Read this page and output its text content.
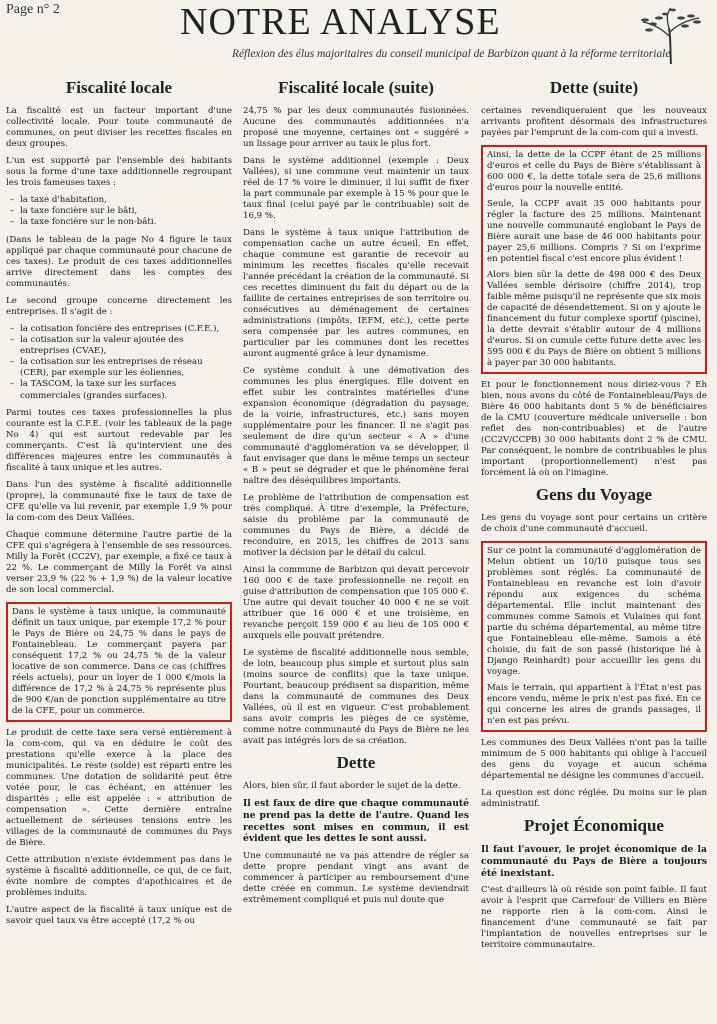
Page n° 2	NOTRE ANALYSE
Réflexion des élus majoritaires du conseil municipal de Barbizon quant à la réforme territoriale
Fiscalité locale

La fiscalité est un facteur important d'une collectivité locale. Pour toute communauté de communes, on peut diviser les recettes fiscales en deux groupes.

L'un est supporté par l'ensemble des habitants sous la forme d'une taxe additionnelle regroupant les trois fameuses taxes :

– la taxe d'habitation,
– la taxe foncière sur le bâti,
– la taxe foncière sur le non-bâti.

(Dans le tableau de la page No 4 figure le taux appliqué par chaque communauté pour chacune de ces taxes). Le produit de ces taxes additionnelles arrive directement dans les comptes des communautés.

Le second groupe concerne directement les entreprises. Il s'agit de :

– la cotisation foncière des entreprises (C.F.E.),
– la cotisation sur la valeur ajoutée des entreprises (CVAE),
– la cotisation sur les entreprises de réseau (CER), par exemple sur les éoliennes,
– la TASCOM, la taxe sur les surfaces commerciales (grandes surfaces).

Parmi toutes ces taxes professionnelles la plus courante est la C.F.E. (voir les tableaux de la page No 4) qui est surtout redevable par les commerçants. C'est là qu'intervient une des différences majeures entre les communautés à fiscalité à taux unique et les autres.

Dans l'un des système à fiscalité additionnelle (propre), la communauté fixe le taux de taxe de CFE qu'elle va lui revenir, par exemple 1,9 % pour la com-com des Deux Vallées.

Chaque commune détermine l'autre partie de la CFE qui s'agrégera à l'ensemble de ses ressources. Milly la Forêt (CC2V), par exemple, a fixé ce taux à 22 %. Le commerçant de Milly la Forêt va ainsi verser 23,9 % (22 % + 1,9 %) de la valeur locative de son local commercial.

Dans le système à taux unique, la communauté définit un taux unique, par exemple 17,2 % pour le Pays de Bière ou 24,75 % dans le pays de Fontainebleau. Le commerçant payera par conséquent 17,2 % ou 24,75 % de la valeur locative de son commerce. Dans ce cas (chiffres réels actuels), pour un loyer de 1 000 €/mois la différence de 17,2 % à 24,75 % représente plus de 900 €/an de ponction supplémentaire au titre de la CFE, pour un commerce.

Le produit de cette taxe sera versé entièrement à la com-com, qui va en déduire le coût des prestations qu'elle exerce à la place des municipalités. Le reste (solde) est réparti entre les communes. Une dotation de solidarité peut être votée pour, le cas échéant, en atténuer les disparités ; elle est appelée : « attribution de compensation ». Cette dernière entraîne actuellement de sérieuses tensions entre les villages de la communauté de communes du Pays de Bière.

Cette attribution n'existe évidemment pas dans le système à fiscalité additionnelle, ce qui, de ce fait, évite nombre de comptes d'apothicaires et de problèmes induits.

L'autre aspect de la fiscalité à taux unique est de savoir quel taux va être accepté (17,2 % ou

Fiscalité locale (suite)

24,75 % par les deux communautés fusionnées. Aucune des communautés additionnées n'a proposé une moyenne, certaines ont « suggéré » un lissage pour arriver au taux le plus fort.

Dans le système additionnel (exemple : Deux Vallées), si une commune veut maintenir un taux réel de 17 % voire le diminuer, il lui suffit de fixer la part communale par exemple à 15 % pour que le taux final (celui payé par le contribuable) soit de 16,9 %.

Dans le système à taux unique l'attribution de compensation cache un autre écueil. En effet, chaque commune est garantie de recevoir au minimum les recettes fiscales qu'elle recevait l'année précédant la création de la communauté. Si ces recettes diminuent du fait du départ ou de la faillite de certaines entreprises de son territoire ou consécutives au déménagement de certaines administrations (impôts, IEFM, etc.), cette perte sera compensée par les autres communes, en particulier par les communes dont les recettes auront augmenté grâce à leur dynamisme.

Ce système conduit à une démotivation des communes les plus énergiques. Elle doivent en effet subir les contraintes matérielles d'une expansion économique (dégradation du paysage, de la voirie, infrastructures, etc.) sans moyen supplémentaire pour les financer. Il ne s'agit pas seulement de dire qu'un secteur « A » d'une communauté d'agglomération va se développer, il faut envisager que dans le même temps un secteur « B » peut se dégrader et que le phénomène ferai naître des déséquilibres importants.

Le problème de l'attribution de compensation est très compliqué. À titre d'exemple, la Préfecture, saisie du problème par la communauté de communes du Pays de Bière, a décidé de reconduire, en 2015, les chiffres de 2013 sans motiver la décision par le détail du calcul.

Ainsi la commune de Barbizon qui devait percevoir 160 000 € de taxe professionnelle ne reçoit en guise d'attribution de compensation que 105 000 €. Une autre qui devait toucher 40 000 € ne se voit attribuer que 16 000 € et une troisième, en revanche perçoit 159 000 € au lieu de 105 000 € auxquels elle pouvait prétendre.

Le système de fiscalité additionnelle nous semble, de loin, beaucoup plus simple et surtout plus sain (moins source de conflits) que la taxe unique. Pourtant, beaucoup prédisent sa disparition, même dans la communauté de communes des Deux Vallées, où il est en vigueur. C'est probablement sans avoir compris les pièges de ce système, comme notre communauté du Pays de Bière ne les avait pas intégrés lors de sa création.

Dette

Alors, bien sûr, il faut aborder le sujet de la dette.

Il est faux de dire que chaque communauté ne prend pas la dette de l'autre. Quand les recettes sont mises en commun, il est évident que les dettes le sont aussi.

Une communauté ne va pas attendre de régler sa dette propre pendant vingt ans avant de commencer à participer au remboursement d'une dette créée en commun. Le système deviendrait extrêmement compliqué et puis nul doute que

Dette (suite)

certaines revendiqueraient que les nouveaux arrivants profitent désormais des infrastructures payées par l'emprunt de la com-com qui a investi.

Ainsi, la dette de la CCPF étant de 25 millions d'euros et celle du Pays de Bière s'établissant à 600 000 €, la dette totale sera de 25,6 millions d'euros pour la nouvelle entité.

Seule, la CCPF avait 35 000 habitants pour régler la facture des 25 millions. Maintenant une nouvelle communauté englobant le Pays de Bière aurait une base de 46 000 habitants pour payer 25,6 millions. Compris ? Si on l'exprime en potentiel fiscal c'est encore plus évident !

Alors bien sûr la dette de 498 000 € des Deux Vallées semble dérisoire (chiffre 2014), trop faible même puisqu'il ne représente que six mois de capacité de désendettement. Si on y ajoute le financement du futur complexe sportif (piscine), la dette devrait s'établir autour de 4 millions d'euros. Si on cumule cette future dette avec les 595 000 € du Pays de Bière on obtient 5 millions à payer par 30 000 habitants.

Et pour le fonctionnement nous diriez-vous ? Eh bien, nous avons du côté de Fontainebleau/Pays de Bière 46 000 habitants dont 5 % de bénéficiaires de la CMU (couverture médicale universelle : bon reflet des non-contribuables) et de l'autre (CC2V/CCPB) 30 000 habitants dont 2 % de CMU. Par conséquent, le nombre de contribuables le plus important (proportionnellement) n'est pas forcément là où on l'imagine.

Gens du Voyage

Les gens du voyage sont pour certains un critère de choix d'une communauté d'accueil.

Sur ce point la communauté d'agglomération de Melun obtient un 10/10 puisque tous ses problèmes sont réglés. La communauté de Fontainebleau en revanche est loin d'avoir répondu aux exigences du schéma départemental. Elle inclut maintenant des communes comme Samois et Vulaines qui font partie du schéma départemental, au même titre que Fontainebleau elle-même. Samois a été choisie, du fait de son passé (historique lié à Django Reinhardt) pour accueillir les gens du voyage.

Mais le terrain, qui appartient à l'État n'est pas encore vendu, même le prix n'est pas fixé. En ce qui concerne les aires de grands passages, il n'en est pas prévu.

Les communes des Deux Vallées n'ont pas la taille minimum de 5 000 habitants qui oblige à l'accueil des gens du voyage et aucun schéma départemental ne désigne les communes d'accueil.

La question est donc réglée. Du moins sur le plan administratif.

Projet Économique

Il faut l'avouer, le projet économique de la communauté du Pays de Bière a toujours été inexistant.

C'est d'ailleurs là où réside son point faible. Il faut avoir à l'esprit que Carrefour de Villiers en Bière ne rapporte rien à la com-com. Ainsi le financement d'une communauté se fait par l'implantation de nouvelles entreprises sur le territoire communautaire.
